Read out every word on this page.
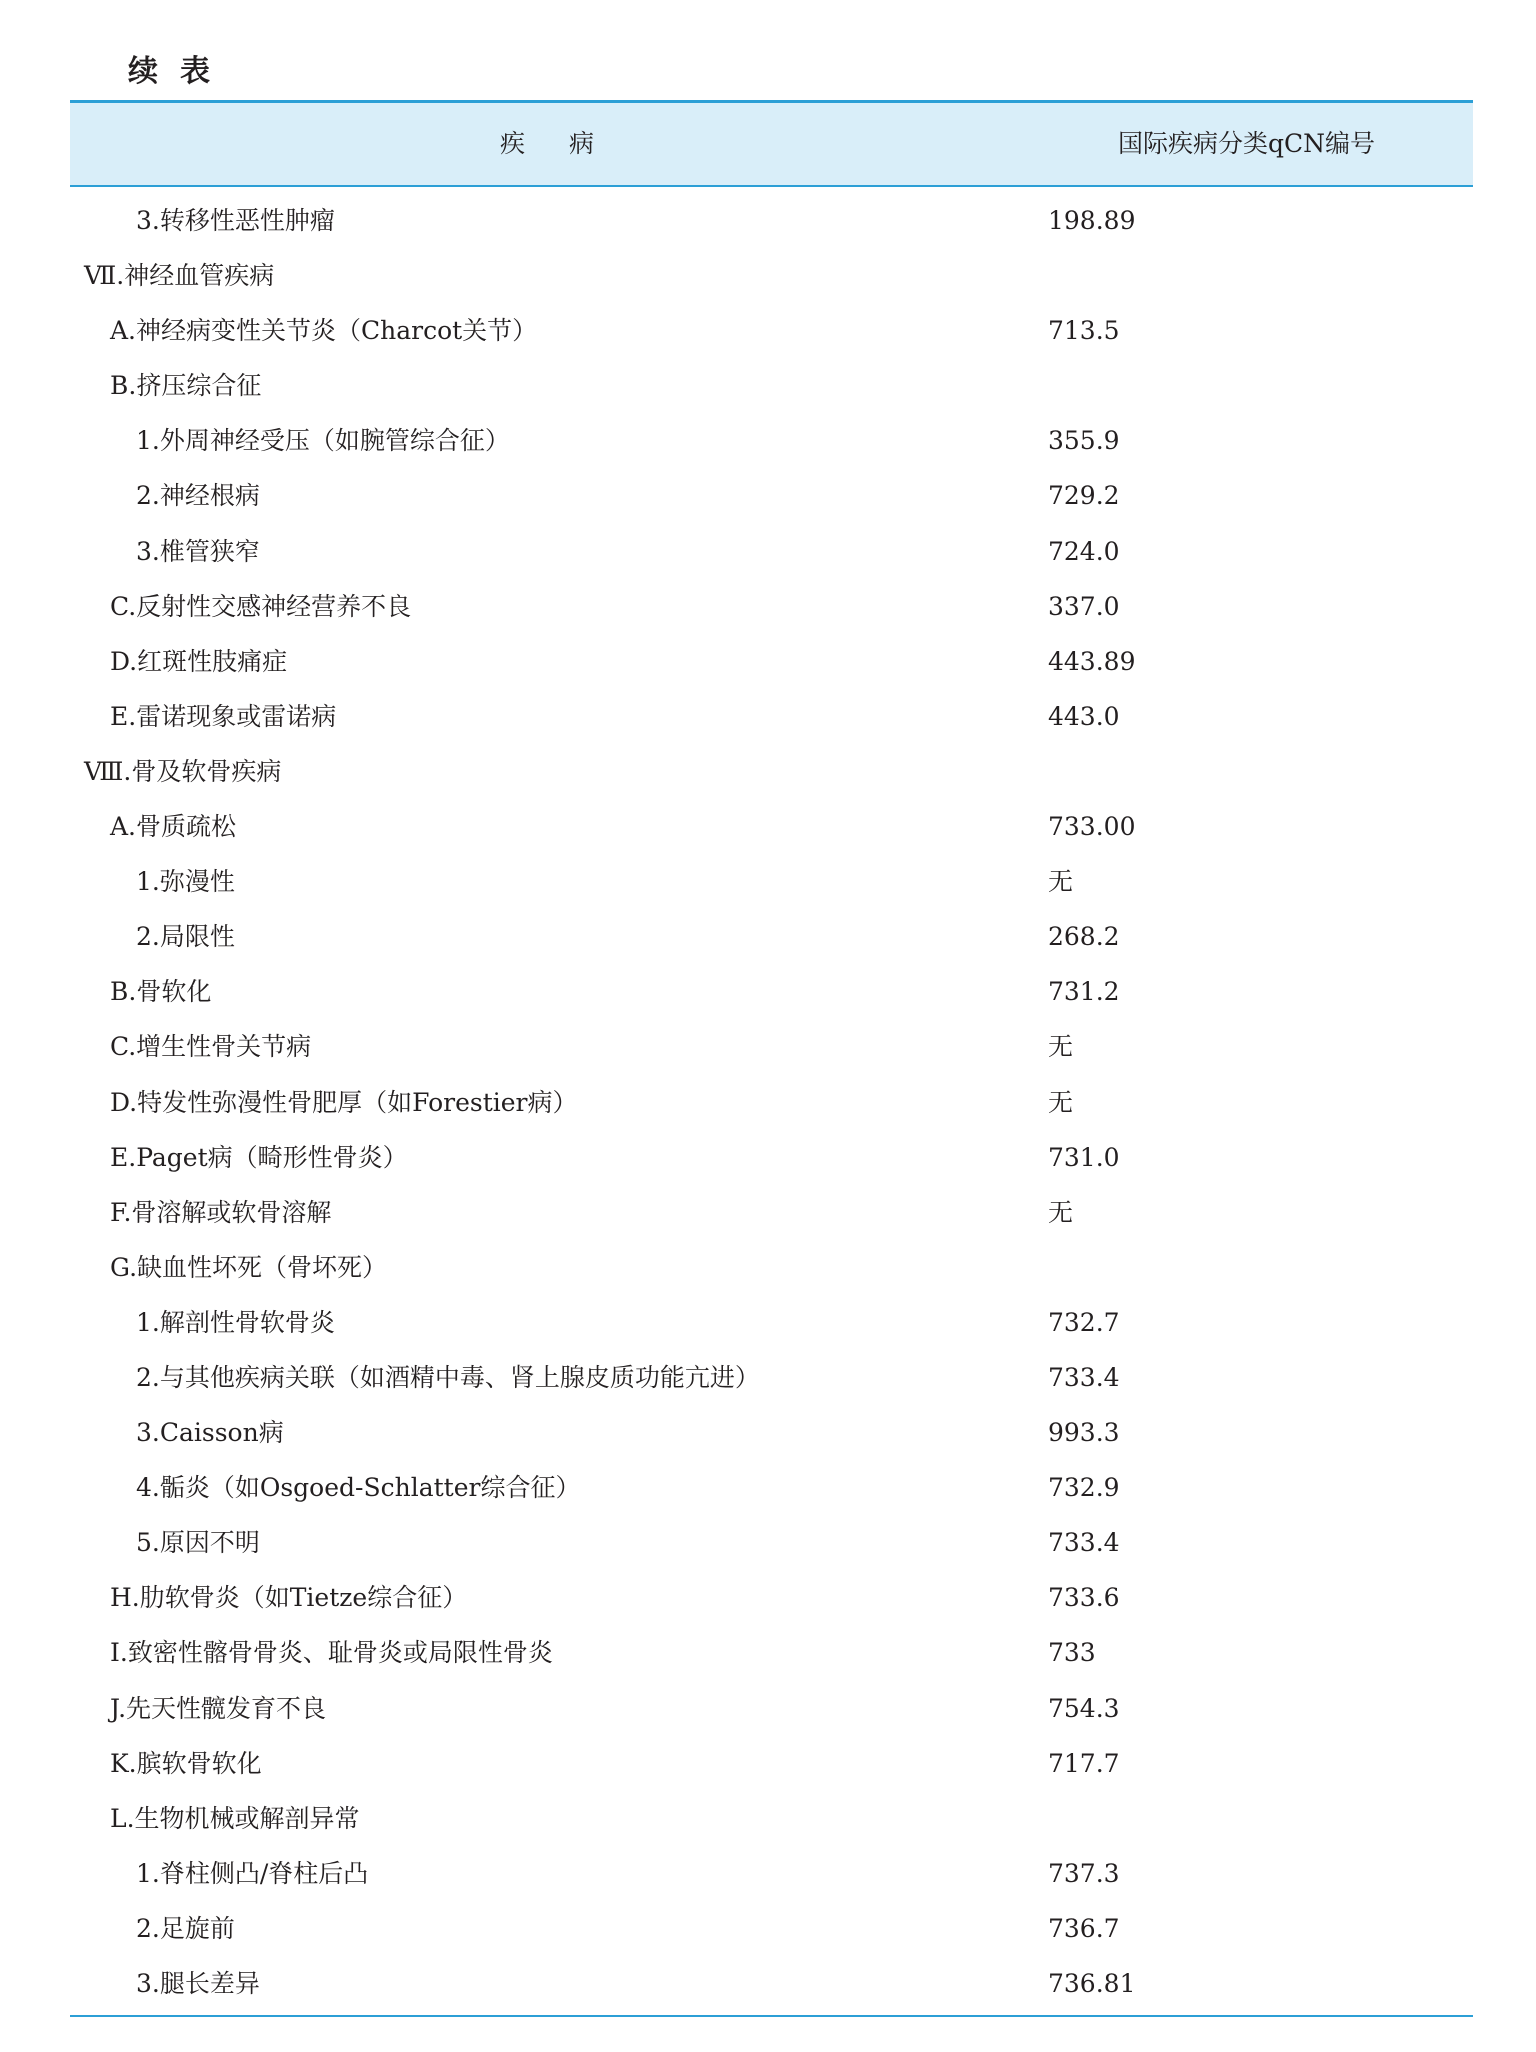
续表
疾病	国际疾病分类qCN编号
3.转移性恶性肿瘤	198.89
Ⅶ.神经血管疾病
A.神经病变性关节炎（Charcot关节）	713.5
B.挤压综合征
1.外周神经受压（如腕管综合征）	355.9
2.神经根病	729.2
3.椎管狭窄	724.0
C.反射性交感神经营养不良	337.0
D.红斑性肢痛症	443.89
E.雷诺现象或雷诺病	443.0
Ⅷ.骨及软骨疾病
A.骨质疏松	733.00
1.弥漫性	无
2.局限性	268.2
B.骨软化	731.2
C.增生性骨关节病	无
D.特发性弥漫性骨肥厚（如Forestier病）	无
E.Paget病（畸形性骨炎）	731.0
F.骨溶解或软骨溶解	无
G.缺血性坏死（骨坏死）
1.解剖性骨软骨炎	732.7
2.与其他疾病关联（如酒精中毒、肾上腺皮质功能亢进）	733.4
3.Caisson病	993.3
4.骺炎（如Osgoed-Schlatter综合征）	732.9
5.原因不明	733.4
H.肋软骨炎（如Tietze综合征）	733.6
I.致密性髂骨骨炎、耻骨炎或局限性骨炎	733
J.先天性髋发育不良	754.3
K.膑软骨软化	717.7
L.生物机械或解剖异常
1.脊柱侧凸/脊柱后凸	737.3
2.足旋前	736.7
3.腿长差异	736.81
